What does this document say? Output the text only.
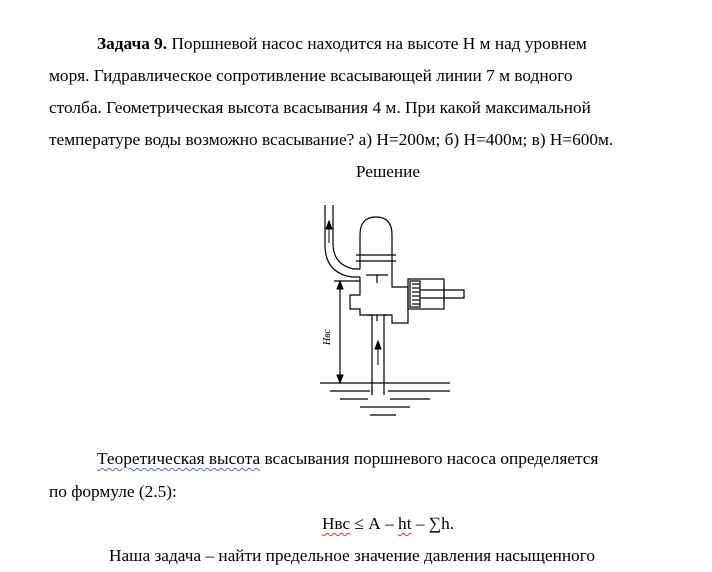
Задача 9. Поршневой насос находится на высоте Н м над уровнем

моря. Гидравлическое сопротивление всасывающей линии 7 м водного

столба. Геометрическая высота всасывания 4 м. При какой максимальной

температуре воды возможно всасывание? а) Н=200м; б) Н=400м; в) Н=600м.

Решение
Hвс

Теоретическая высота всасывания поршневого насоса определяется

по формуле (2.5):

Нвс ≤ А – ht – ∑h.

Наша задача – найти предельное значение давления насыщенного
